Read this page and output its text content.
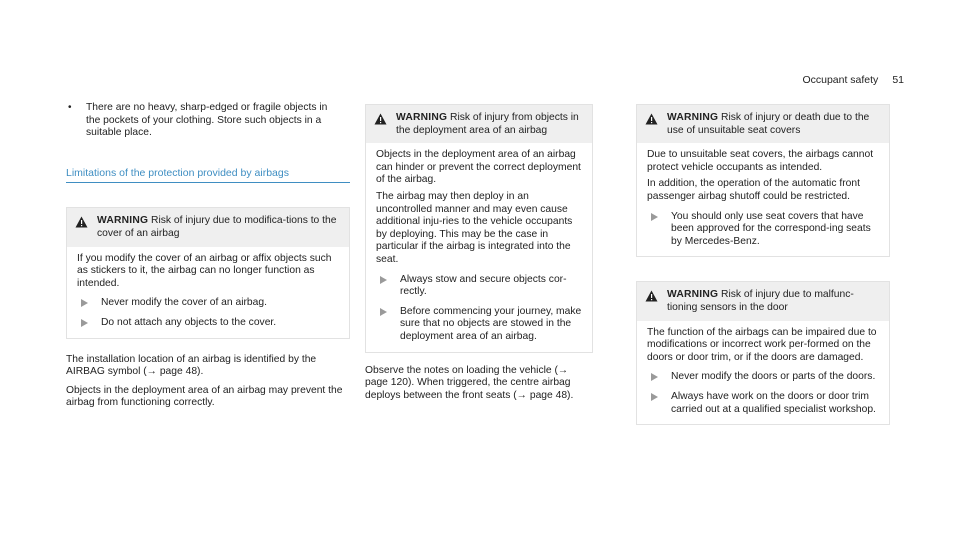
Occupant safety 51
•	There are no heavy, sharp-edged or fragile objects in the pockets of your clothing. Store such objects in a suitable place.
Limitations of the protection provided by airbags
WARNING Risk of injury due to modifica-tions to the cover of an airbag

If you modify the cover of an airbag or affix objects such as stickers to it, the airbag can no longer function as intended.

Never modify the cover of an airbag.
Do not attach any objects to the cover.

The installation location of an airbag is identified by the AIRBAG symbol (→ page 48).

Objects in the deployment area of an airbag may prevent the airbag from functioning correctly.

WARNING Risk of injury from objects in the deployment area of an airbag

Objects in the deployment area of an airbag can hinder or prevent the correct deployment of the airbag.

The airbag may then deploy in an uncontrolled manner and may even cause additional inju-ries to the vehicle occupants by deploying. This may be the case in particular if the airbag is integrated into the seat.

Always stow and secure objects cor-rectly.
Before commencing your journey, make sure that no objects are stowed in the deployment area of an airbag.

Observe the notes on loading the vehicle (→ page 120). When triggered, the centre airbag deploys between the front seats (→ page 48).

WARNING Risk of injury or death due to the use of unsuitable seat covers

Due to unsuitable seat covers, the airbags cannot protect vehicle occupants as intended.

In addition, the operation of the automatic front passenger airbag shutoff could be restricted.

You should only use seat covers that have been approved for the correspond-ing seats by Mercedes-Benz.
WARNING Risk of injury due to malfunc-tioning sensors in the door

The function of the airbags can be impaired due to modifications or incorrect work per-formed on the doors or door trim, or if the doors are damaged.

Never modify the doors or parts of the doors.
Always have work on the doors or door trim carried out at a qualified specialist workshop.
